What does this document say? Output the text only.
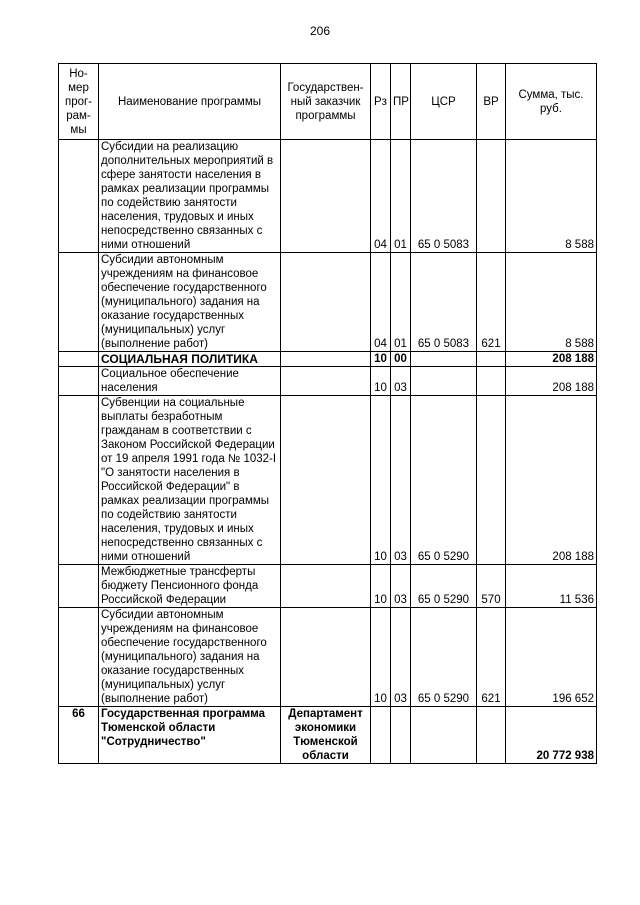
206
Но-мер прог-рам-мы	Наименование программы	Государствен-ный заказчик программы	Рз	ПР	ЦСР	ВР	Сумма, тыс. руб.
	Субсидии на реализацию дополнительных мероприятий в сфере занятости населения в рамках реализации программы по содействию занятости населения, трудовых и иных непосредственно связанных с ними отношений		04	01	65 0 5083		8 588
	Субсидии автономным учреждениям на финансовое обеспечение государственного (муниципального) задания на оказание государственных (муниципальных) услуг (выполнение работ)		04	01	65 0 5083	621	8 588
	СОЦИАЛЬНАЯ ПОЛИТИКА		10	00			208 188
	Социальное обеспечение населения		10	03			208 188
	Субвенции на социальные выплаты безработным гражданам в соответствии с Законом Российской Федерации от 19 апреля 1991 года № 1032-I "О занятости населения в Российской Федерации" в рамках реализации программы по содействию занятости населения, трудовых и иных непосредственно связанных с ними отношений		10	03	65 0 5290		208 188
	Межбюджетные трансферты бюджету Пенсионного фонда Российской Федерации		10	03	65 0 5290	570	11 536
	Субсидии автономным учреждениям на финансовое обеспечение государственного (муниципального) задания на оказание государственных (муниципальных) услуг (выполнение работ)		10	03	65 0 5290	621	196 652
66	Государственная программа Тюменской области "Сотрудничество"	Департамент экономики Тюменской области					20 772 938
